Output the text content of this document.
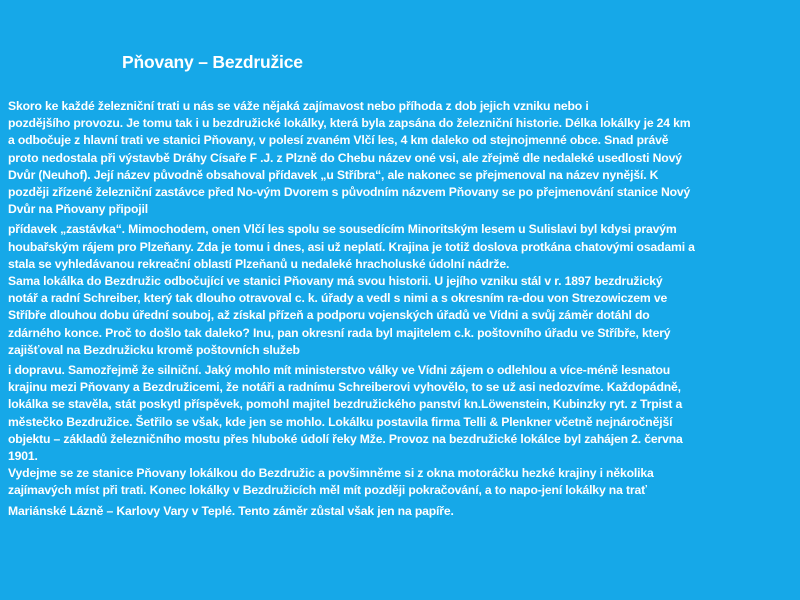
Pňovany – Bezdružice
Skoro ke každé železniční trati u nás se váže nějaká zajímavost nebo příhoda z dob jejich vzniku nebo i
pozdějšího provozu. Je tomu tak i u bezdružické lokálky, která byla zapsána do železniční historie. Délka lokálky je 24 km
a odbočuje z hlavní trati ve stanici Pňovany, v polesí zvaném Vlčí les, 4 km daleko od stejnojmenné obce. Snad právě
proto nedostala při výstavbě Dráhy Císaře F .J. z Plzně do Chebu název oné vsi, ale zřejmě dle nedaleké usedlosti Nový
Dvůr (Neuhof). Její název původně obsahoval přídavek „u Stříbra“, ale nakonec se přejmenoval na název nynější. K
později zřízené železniční zastávce před No-vým Dvorem s původním názvem Pňovany se po přejmenování stanice Nový
Dvůr na Pňovany připojil
přídavek „zastávka“. Mimochodem, onen Vlčí les spolu se sousedícím Minoritským lesem u Sulislavi byl kdysi pravým
houbařským rájem pro Plzeňany. Zda je tomu i dnes, asi už neplatí. Krajina je totiž doslova protkána chatovými osadami a
stala se vyhledávanou rekreační oblastí Plzeňanů u nedaleké hracholuské údolní nádrže.
Sama lokálka do Bezdružic odbočující ve stanici Pňovany má svou historii. U jejího vzniku stál v r. 1897 bezdružický
notář a radní Schreiber, který tak dlouho otravoval c. k. úřady a vedl s nimi a s okresním ra-dou von Strezowiczem ve
Stříbře dlouhou dobu úřední souboj, až získal přízeň a podporu vojenských úřadů ve Vídni a svůj záměr dotáhl do
zdárného konce. Proč to došlo tak daleko? Inu, pan okresní rada byl majitelem c.k. poštovního úřadu ve Stříbře, který
zajišťoval na Bezdružicku kromě poštovních služeb
i dopravu. Samozřejmě že silniční. Jaký mohlo mít ministerstvo války ve Vídni zájem o odlehlou a více-méně lesnatou
krajinu mezi Pňovany a Bezdružicemi, že notáři a radnímu Schreiberovi vyhovělo, to se už asi nedozvíme. Každopádně,
lokálka se stavěla, stát poskytl příspěvek, pomohl majitel bezdružického panství kn.Löwenstein, Kubinzky ryt. z Trpist a
městečko Bezdružice. Šetřilo se však, kde jen se mohlo. Lokálku postavila firma Telli & Plenkner včetně nejnáročnější
objektu – základů železničního mostu přes hluboké údolí řeky Mže. Provoz na bezdružické lokálce byl zahájen 2. června
1901.
Vydejme se ze stanice Pňovany lokálkou do Bezdružic a povšimněme si z okna motoráčku hezké krajiny i několika
zajímavých míst při trati. Konec lokálky v Bezdružicích měl mít později pokračování, a to napo-jení lokálky na trať
Mariánské Lázně – Karlovy Vary v Teplé. Tento záměr zůstal však jen na papíře.
